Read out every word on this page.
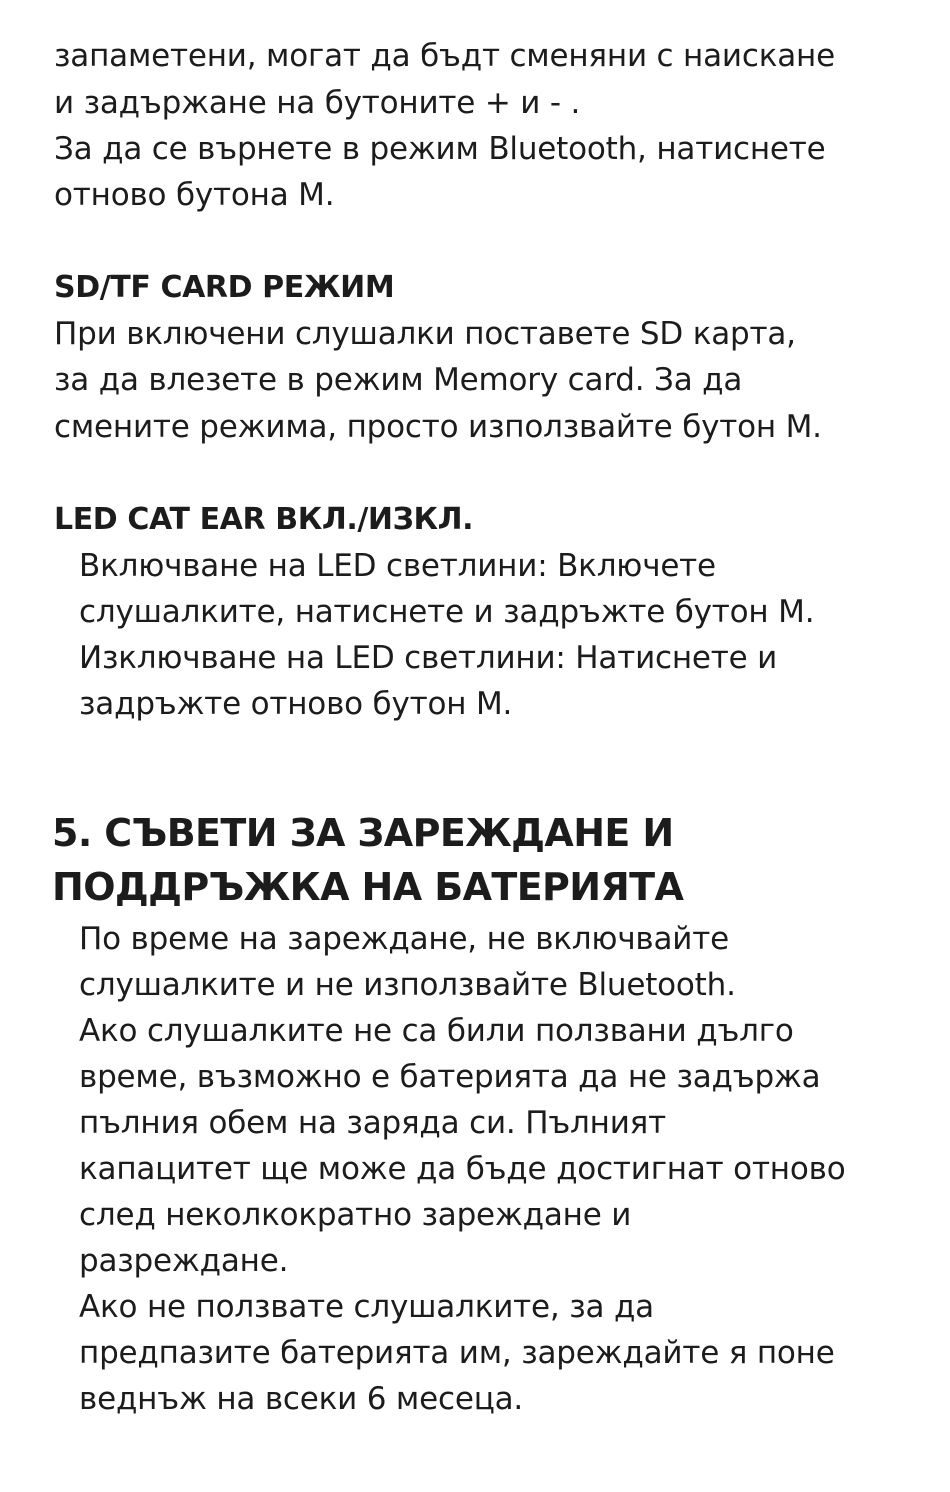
запаметени, могат да бъдт сменяни с наискане
и задържане на бутоните + и - .
За да се върнете в режим Bluetooth, натиснете
отново бутона М.
SD/TF CARD РЕЖИМ
При включени слушалки поставете SD карта,
за да влезете в режим Memory card. За да
смените режима, просто използвайте бутон М.
LED CAT EAR ВКЛ./ИЗКЛ.
Включване на LED светлини: Включете
слушалките, натиснете и задръжте бутон М.
Изключване на LED светлини: Натиснете и
задръжте отново бутон М.
5. СЪВЕТИ ЗА ЗАРЕЖДАНЕ И
ПОДДРЪЖКА НА БАТЕРИЯТА
По време на зареждане, не включвайте
слушалките и не използвайте Bluetooth.
Ако слушалките не са били ползвани дълго
време, възможно е батерията да не задържа
пълния обем на заряда си. Пълният
капацитет ще може да бъде достигнат отново
след неколкократно зареждане и
разреждане.
Ако не ползвате слушалките, за да
предпазите батерията им, зареждайте я поне
веднъж на всеки 6 месеца.
